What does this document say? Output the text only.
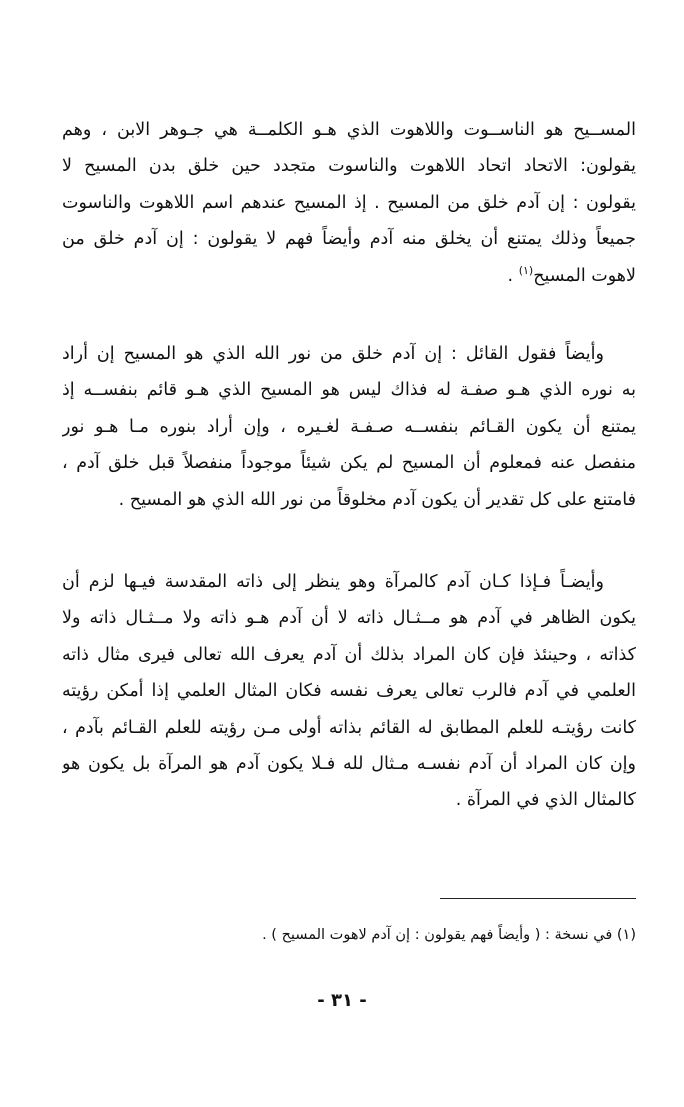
المســيح هو الناســوت واللاهوت الذي هـو الكلمــة هي جـوهر الابن ، وهم
يقولون: الاتحاد اتحاد اللاهوت والناسوت متجدد حين خلق بدن المسيح لا
يقولون : إن آدم خلق من المسيح . إذ المسيح عندهم اسم اللاهوت والناسوت
جميعاً وذلك يمتنع أن يخلق منه آدم وأيضاً فهم لا يقولون : إن آدم خلق من
لاهوت المسيح$^{(١)}$ .
وأيضاً فقول القائل : إن آدم خلق من نور الله الذي هو المسيح إن أراد
به نوره الذي هـو صفـة له فذاك ليس هو المسيح الذي هـو قائم بنفســه إذ
يمتنع أن يكون القـائم بنفســه صـفـة لغـيره ، وإن أراد بنوره مـا هـو نور
منفصل عنه فمعلوم أن المسيح لم يكن شيئاً موجوداً منفصلاً قبل خلق آدم ،
فامتنع على كل تقدير أن يكون آدم مخلوقاً من نور الله الذي هو المسيح .
وأيضـاً فـإذا كـان آدم كالمرآة وهو ينظر إلى ذاته المقدسة فيـها لزم أن
يكون الظاهر في آدم هو مــثـال ذاته لا أن آدم هـو ذاته ولا مــثـال ذاته ولا
كذاته ، وحينئذ فإن كان المراد بذلك أن آدم يعرف الله تعالى فيرى مثال ذاته
العلمي في آدم فالرب تعالى يعرف نفسه فكان المثال العلمي إذا أمكن رؤيته
كانت رؤيتـه للعلم المطابق له القائم بذاته أولى مـن رؤيته للعلم القـائم بآدم ،
وإن كان المراد أن آدم نفسـه مـثال لله فـلا يكون آدم هو المرآة بل يكون هو
كالمثال الذي في المرآة .
(١) في نسخة : ( وأيضاً فهم يقولون : إن آدم لاهوت المسيح ) .
- ٣١ -
